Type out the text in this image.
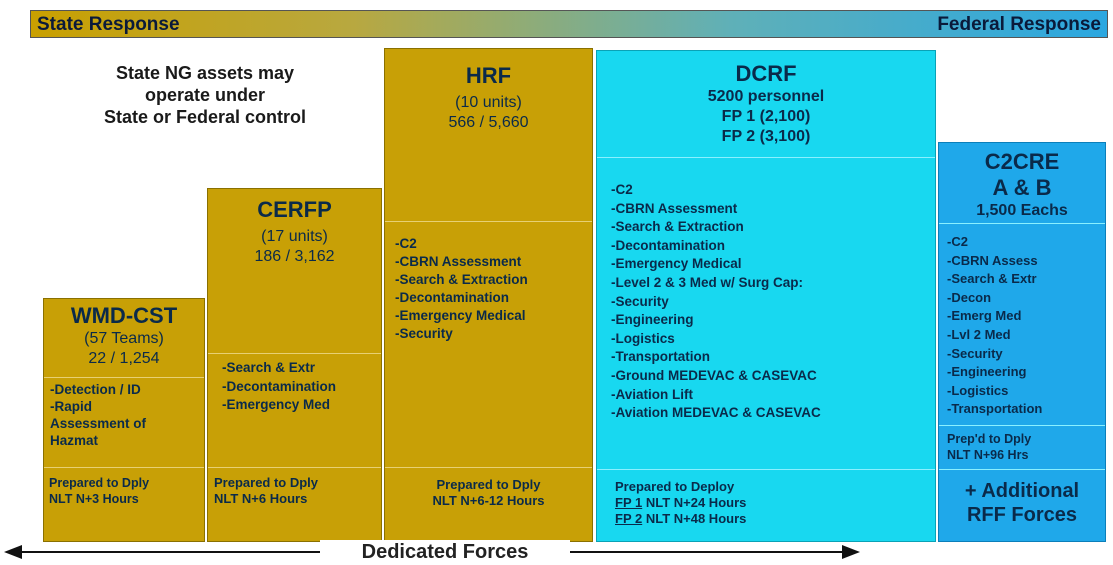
State Response	Federal Response
State NG assets may
operate under
State or Federal control
WMD-CST
(57 Teams)
22 / 1,254
-Detection / ID
-Rapid
Assessment of
Hazmat
Prepared to Dply
NLT N+3 Hours
CERFP
(17 units)
186 / 3,162
-Search & Extr
-Decontamination
-Emergency Med
Prepared to Dply
NLT N+6 Hours
HRF
(10 units)
566 / 5,660
-C2
-CBRN Assessment
-Search & Extraction
-Decontamination
-Emergency Medical
-Security
Prepared to Dply
NLT N+6-12 Hours
DCRF
5200 personnel
FP 1 (2,100)
FP 2 (3,100)
-C2
-CBRN Assessment
-Search & Extraction
-Decontamination
-Emergency Medical
-Level 2 & 3 Med w/ Surg Cap:
-Security
-Engineering
-Logistics
-Transportation
-Ground MEDEVAC & CASEVAC
-Aviation Lift
-Aviation MEDEVAC & CASEVAC
Prepared to Deploy
FP 1 NLT N+24 Hours
FP 2 NLT N+48 Hours
C2CRE
A & B
1,500 Eachs
-C2
-CBRN Assess
-Search & Extr
-Decon
-Emerg Med
-Lvl 2 Med
-Security
-Engineering
-Logistics
-Transportation
Prep'd to Dply
NLT N+96 Hrs
+ Additional
RFF Forces
Dedicated Forces
